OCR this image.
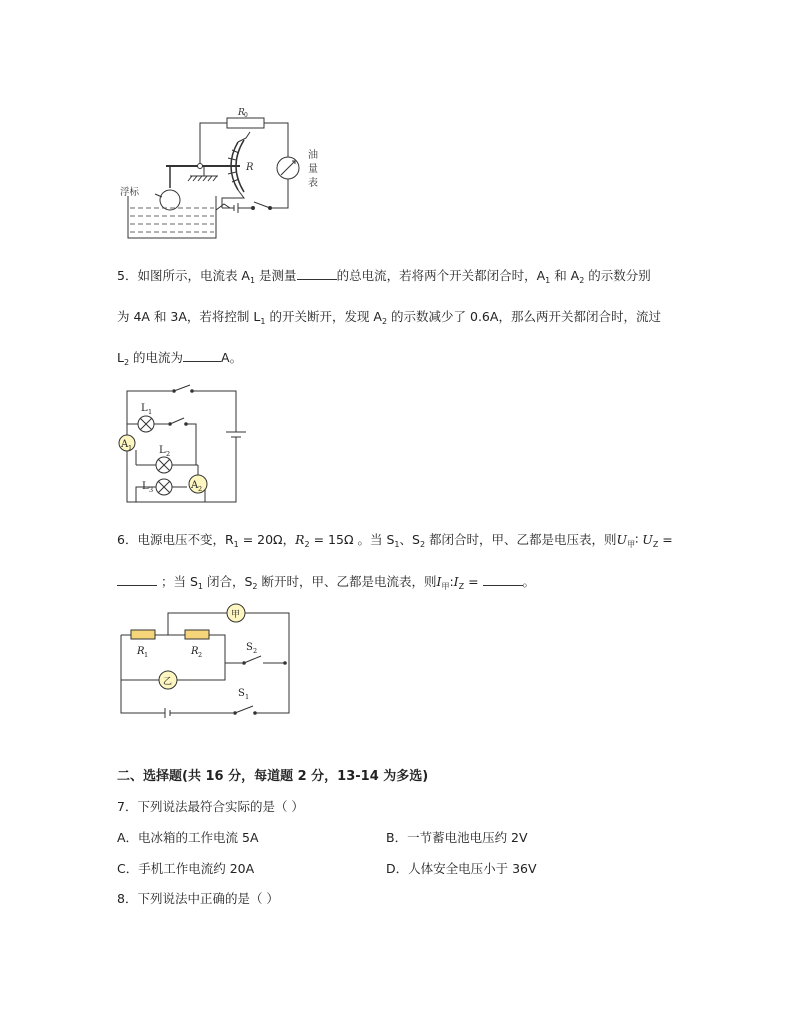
R 0
R
浮标
油
量
表
5．如图所示，电流表 $A_1$ 是测量	的总电流，若将两个开关都闭合时，$A_1$ 和 $A_2$ 的示数分别
为 4A 和 3A，若将控制 $L_1$ 的开关断开，发现 $A_2$ 的示数减少了 0.6A，那么两开关都闭合时，流过
$L_2$ 的电流为	A。
L 1
L 2
L 3
A 1
A 2
6．电源电压不变，$R_1 = 20\Omega$，$R_2 = 15\Omega$ 。当 $S_1$、$S_2$ 都闭合时，甲、乙都是电压表，则$U_甲∶$ $U_Z$ =
；当 $S_1$ 闭合，$S_2$ 断开时，甲、乙都是电流表，则$I_甲:I_Z$ =	。
甲
乙
R 1	R 2
S 2
S 1
二、选择题(共 16 分，每道题 2 分，13-14 为多选)
7．下列说法最符合实际的是（ ）
A．电冰箱的工作电流 5A	B．一节蓄电池电压约 2V
C．手机工作电流约 20A	D．人体安全电压小于 36V
8．下列说法中正确的是（ ）
